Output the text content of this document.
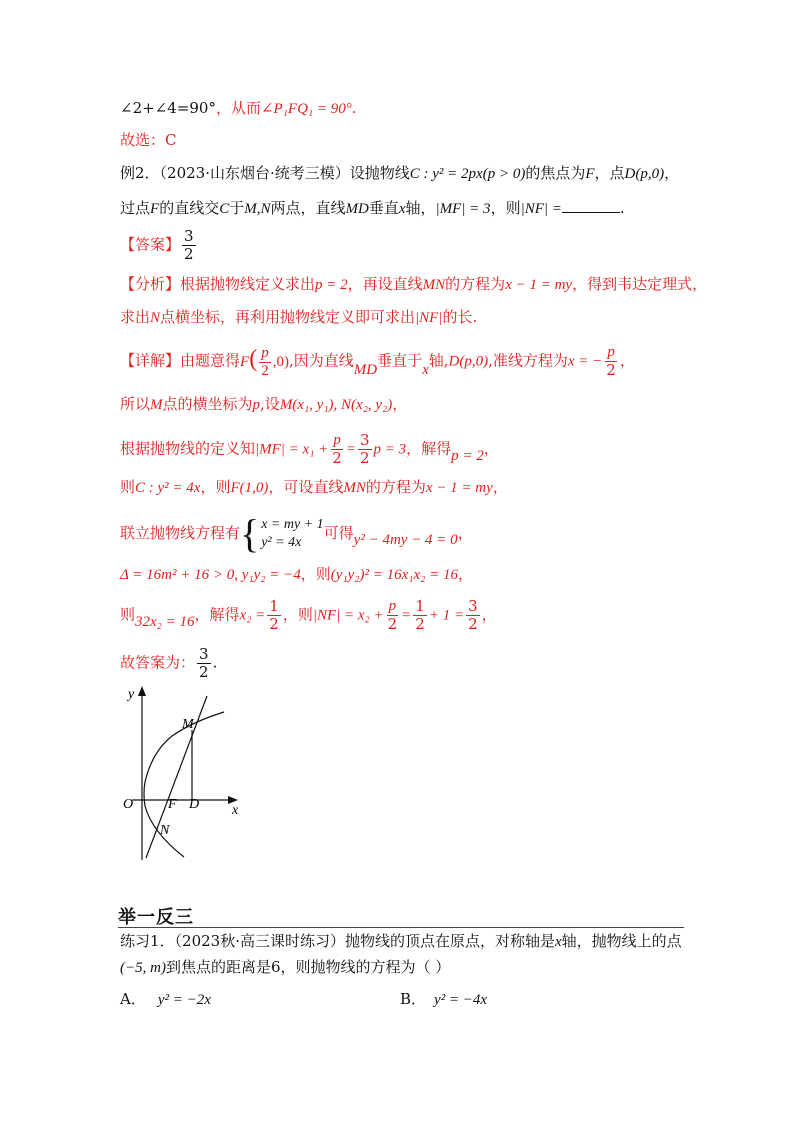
∠2+∠4=90°，从而∠P₁FQ₁ = 90°.
故选：C
例2．（2023·山东烟台·统考三模）设抛物线C : y² = 2px(p > 0)的焦点为F，点D(p,0)，
过点F的直线交C于M,N两点，直线MD垂直x轴，|MF| = 3，则|NF| =	.
【答案】 $\frac{3}{2}$
【分析】根据抛物线定义求出p = 2，再设直线MN的方程为x − 1 = my，得到韦达定理式，
求出N点横坐标，再利用抛物线定义即可求出|NF|的长.
【详解】由题意得$F( \frac{p}{2} ,0)$,因为直线MD垂直于x轴,D(p,0),准线方程为x = − $\frac{p}{2}$ ，
所以M点的横坐标为p,设M(x₁, y₁), N(x₂, y₂)，
根据抛物线的定义知$|MF| = x_1 + \frac{p}{2} = \frac{3}{2}$ p = 3，解得p = 2，
则C : y² = 4x，则F(1,0)，可设直线MN的方程为x − 1 = my，
联立抛物线方程有 { x = my + 1
y² = 4x
可得y² − 4my − 4 = 0，
Δ = 16m² + 16 > 0, y₁y₂ = −4，则(y₁y₂)² = 16x₁x₂ = 16，
则32x₂ = 16，解得$x_2 = \frac{1}{2}$ ，则$|NF| = x_2 + \frac{p}{2} = \frac{1}{2} + 1 = \frac{3}{2}$ ，
故答案为： $\frac{3}{2}$ .
y
x
O F D
M
N
举一反三
练习1．（2023秋·高三课时练习）抛物线的顶点在原点，对称轴是x轴，抛物线上的点
(−5, m)到焦点的距离是6，则抛物线的方程为（ ）
A． y² = −2x	B． y² = −4x
